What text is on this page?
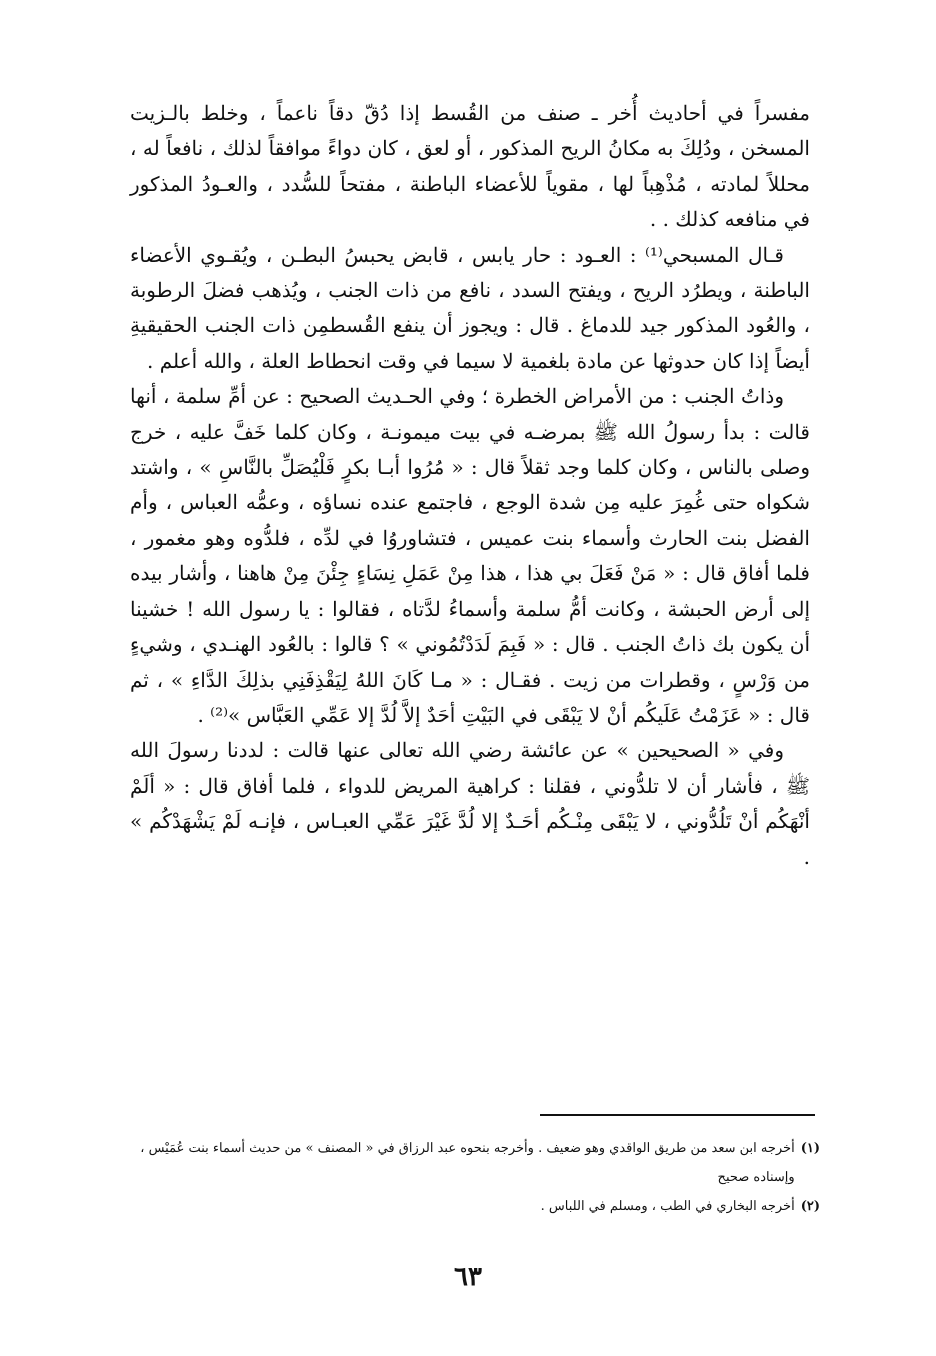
مفسراً في أحاديث أُخر ـ صنف من القُسط إذا دُقّ دقاً ناعماً ، وخلط بالـزيت المسخن ، ودُلِكَ به مكانُ الريح المذكور ، أو لعق ، كان دواءً موافقاً لذلك ، نافعاً له ، محللاً لمادته ، مُذْهِباً لها ، مقوياً للأعضاء الباطنة ، مفتحاً للسُّدد ، والعـودُ المذكور في منافعه كذلك . .

قـال المسبحي⁽¹⁾ : العـود : حار يابس ، قابض يحبسُ البطـن ، ويُقـوي الأعضاء الباطنة ، ويطرُد الريح ، ويفتح السدد ، نافع من ذات الجنب ، ويُذهب فضلَ الرطوبة ، والعُود المذكور جيد للدماغ . قال : ويجوز أن ينفع القُسطمِن ذات الجنب الحقيقيةِ أيضاً إذا كان حدوثها عن مادة بلغمية لا سيما في وقت انحطاط العلة ، والله أعلم .

وذاتُ الجنب : من الأمراض الخطرة ؛ وفي الحـديث الصحيح : عن أمِّ سلمة ، أنها قالت : بدأ رسولُ الله ﷺ بمرضـه في بيت ميمونـة ، وكان كلما خَفَّ عليه ، خرج وصلى بالناس ، وكان كلما وجد ثقلاً قال : « مُرُوا أبـا بكرٍ فَلْيُصَلِّ بالنَّاسِ » ، واشتد شكواه حتى غُمِرَ عليه مِن شدة الوجع ، فاجتمع عنده نساؤه ، وعمُّه العباس ، وأم الفضل بنت الحارث وأسماء بنت عميس ، فتشاوروُا في لدِّه ، فلدُّوه وهو مغمور ، فلما أفاق قال : « مَنْ فَعَلَ بي هذا ، هذا مِنْ عَمَلِ نِسَاءٍ جِئْنَ مِنْ هاهنا ، وأشار بيده إلى أرض الحبشة ، وكانت أمُّ سلمة وأسماءُ لدَّتاه ، فقالوا : يا رسول الله ! خشينا أن يكون بك ذاتُ الجنب . قال : « فَبِمَ لَدَدْتُمُوني » ؟ قالوا : بالعُود الهنـدي ، وشيءٍ من وَرْسٍ ، وقطرات من زيت . فقـال : « مـا كَانَ اللهُ لِيَقْذِفَنِي بذلِكَ الدَّاءِ » ، ثم قال : « عَزَمْتُ عَلَيكُم أنْ لا يَبْقَى في البَيْتِ أحَدٌ إلاَّ لُدَّ إلا عَمِّي العَبَّاس »⁽²⁾ .

وفي « الصحيحين » عن عائشة رضي الله تعالى عنها قالت : لددنا رسولَ الله ﷺ ، فأشار أن لا تلدُّوني ، فقلنا : كراهية المريض للدواء ، فلما أفاق قال : « ألَمْ أنْهَكُم أنْ تَلُدُّوني ، لا يَبْقَى مِنْـكُم أحَـدٌ إلا لُدَّ غَيْرَ عَمِّي العبـاس ، فإنـه لَمْ يَشْهَدْكُم » .

(١)
أخرجه ابن سعد من طريق الواقدي وهو ضعيف . وأخرجه بنحوه عبد الرزاق في « المصنف » من حديث أسماء بنت عُمَيْس ، وإسناده صحيح
(٢)
أخرجه البخاري في الطب ، ومسلم في اللباس .
٦٣
